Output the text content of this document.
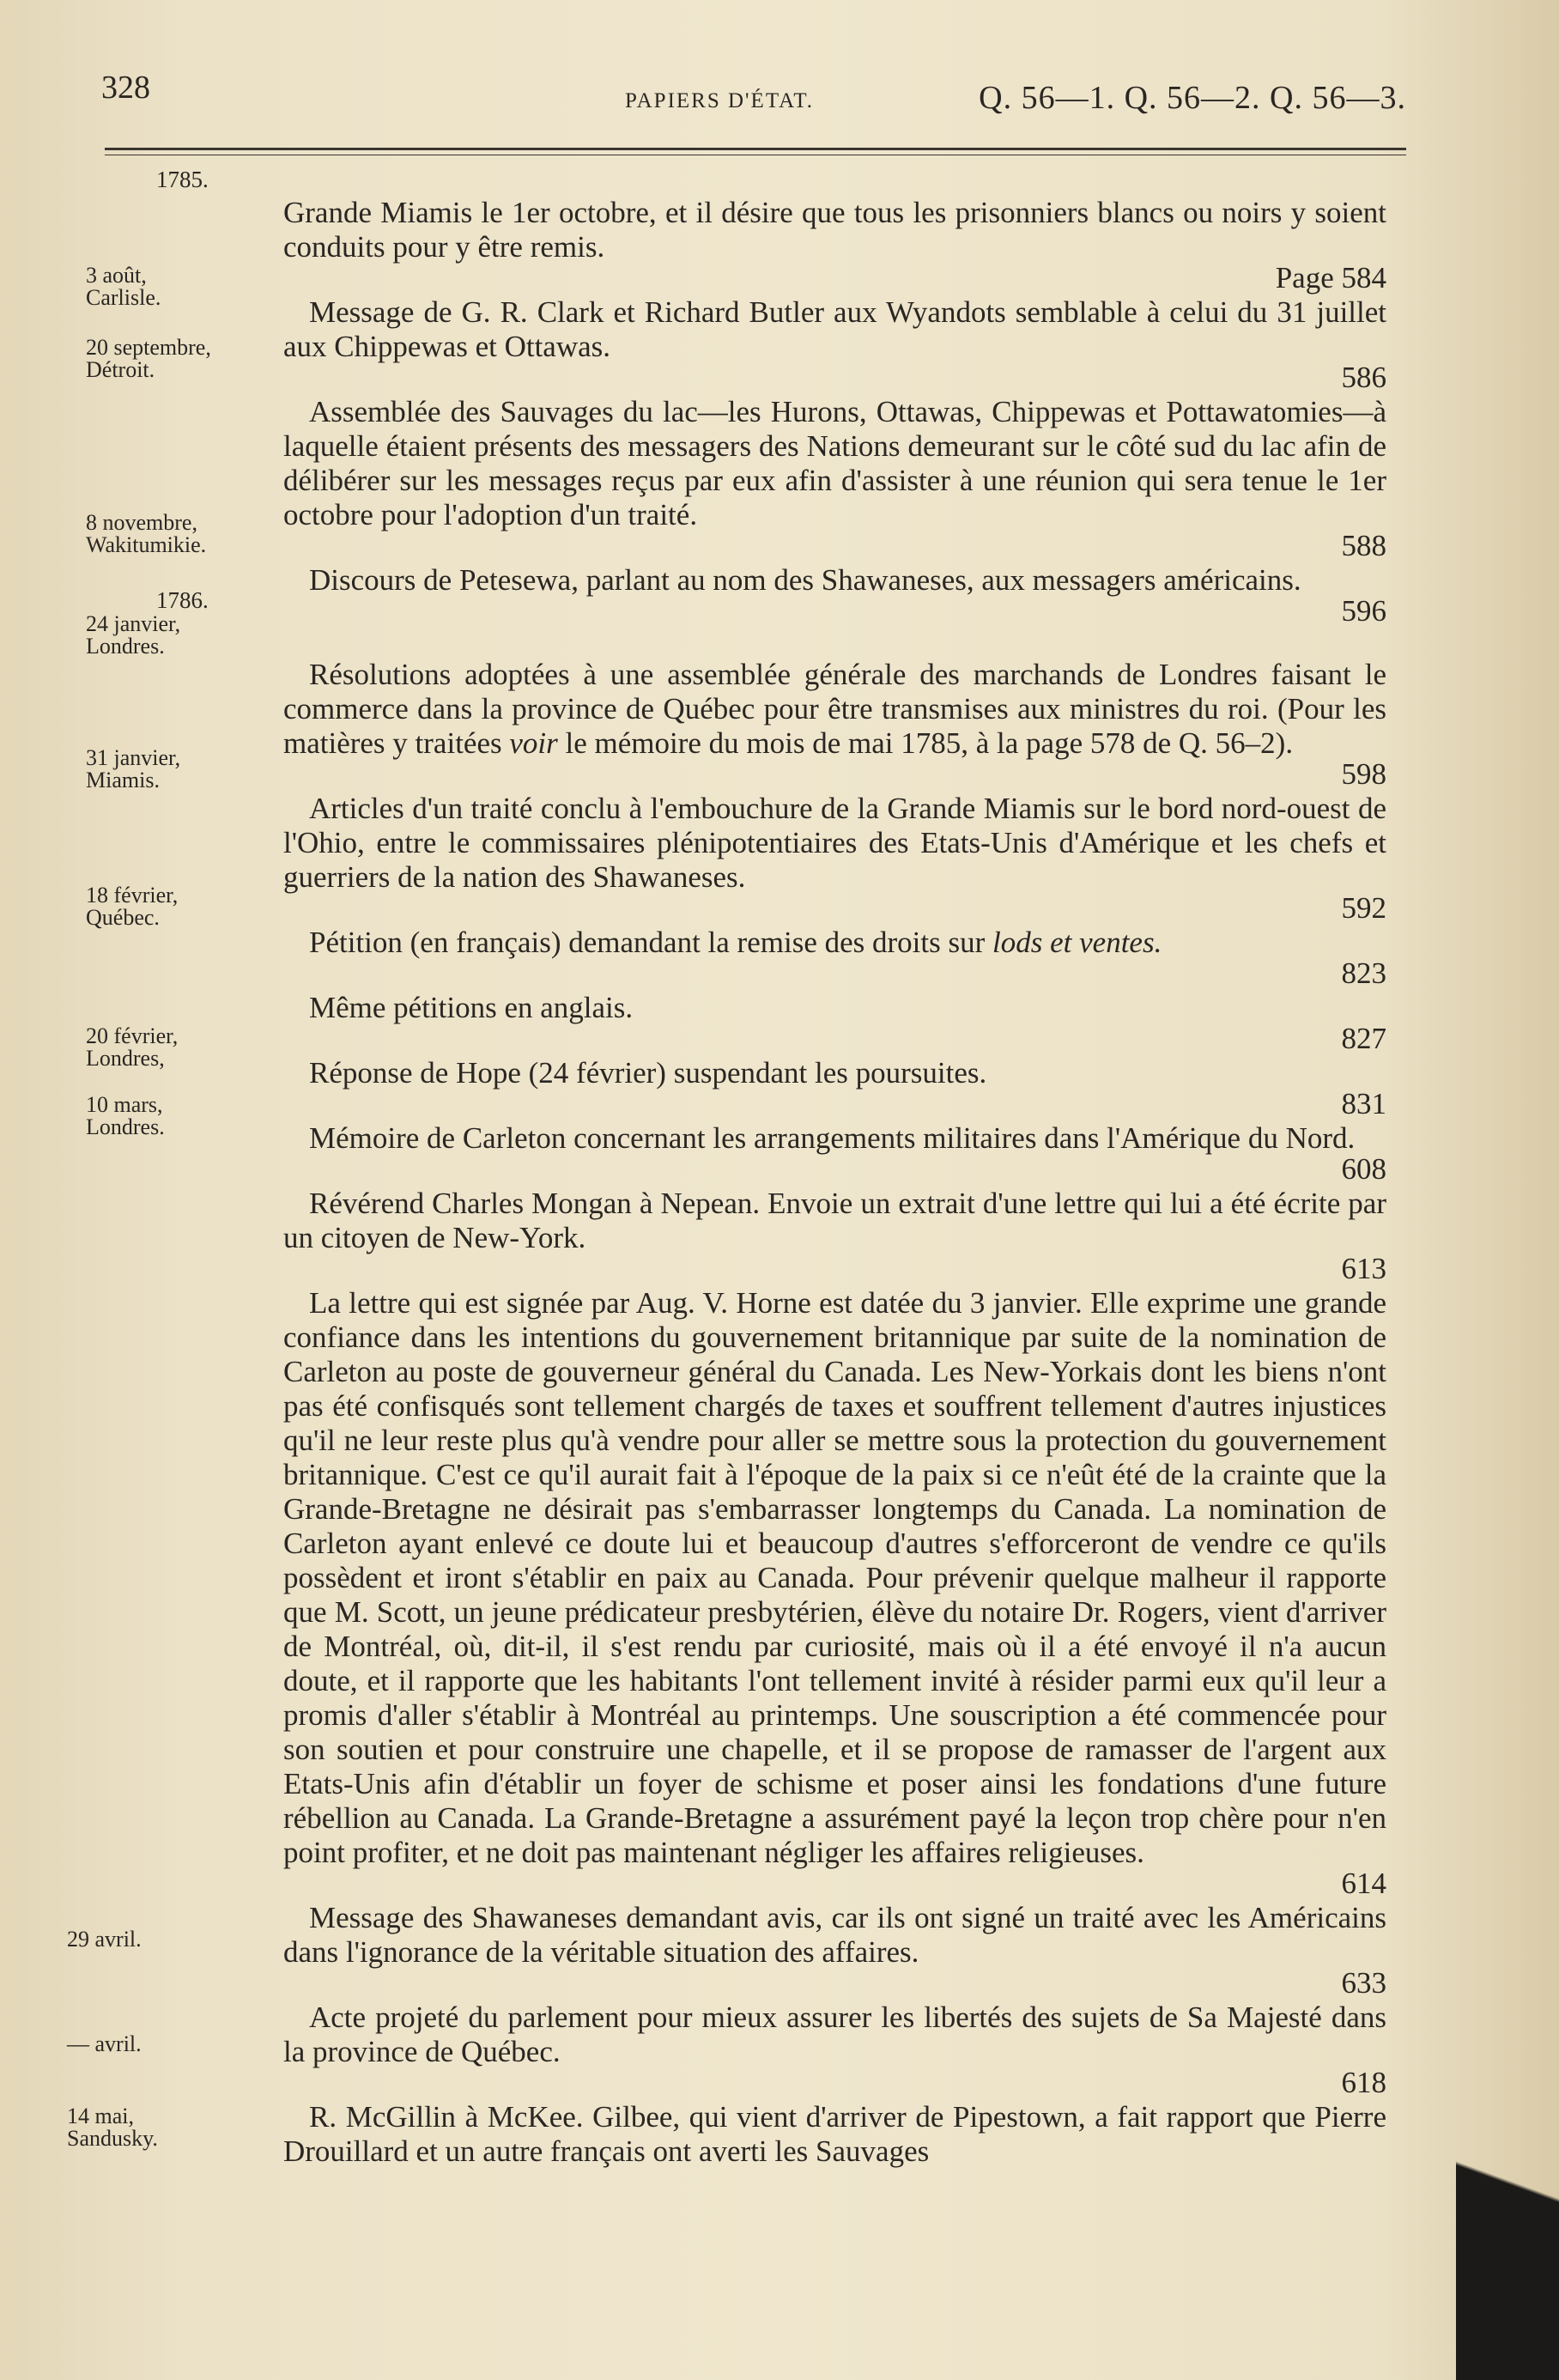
328	PAPIERS D'ÉTAT.	Q. 56—1. Q. 56—2. Q. 56—3.
1785.
3 août,
Carlisle.
20 septembre,
Détroit.
8 novembre,
Wakitumikie.
1786.
24 janvier,
Londres.
31 janvier,
Miamis.
18 février,
Québec.
20 février,
Londres,
10 mars,
Londres.
29 avril.
— avril.
14 mai,
Sandusky.

Grande Miamis le 1er octobre, et il désire que tous les prisonniers blancs ou noirs y soient conduits pour y être remis.
Page 584

Message de G. R. Clark et Richard Butler aux Wyandots semblable à celui du 31 juillet aux Chippewas et Ottawas.
586

Assemblée des Sauvages du lac—les Hurons, Ottawas, Chippewas et Pottawatomies—à laquelle étaient présents des messagers des Nations demeurant sur le côté sud du lac afin de délibérer sur les messages reçus par eux afin d'assister à une réunion qui sera tenue le 1er octobre pour l'adoption d'un traité.
588

Discours de Petesewa, parlant au nom des Shawaneses, aux messagers américains.
596

Résolutions adoptées à une assemblée générale des marchands de Londres faisant le commerce dans la province de Québec pour être transmises aux ministres du roi. (Pour les matières y traitées voir le mémoire du mois de mai 1785, à la page 578 de Q. 56–2).
598

Articles d'un traité conclu à l'embouchure de la Grande Miamis sur le bord nord-ouest de l'Ohio, entre le commissaires plénipotentiaires des Etats-Unis d'Amérique et les chefs et guerriers de la nation des Shawaneses.
592

Pétition (en français) demandant la remise des droits sur lods et ventes.
823

Même pétitions en anglais.
827

Réponse de Hope (24 février) suspendant les poursuites.
831

Mémoire de Carleton concernant les arrangements militaires dans l'Amérique du Nord.
608

Révérend Charles Mongan à Nepean. Envoie un extrait d'une lettre qui lui a été écrite par un citoyen de New-York.
613

La lettre qui est signée par Aug. V. Horne est datée du 3 janvier. Elle exprime une grande confiance dans les intentions du gouvernement britannique par suite de la nomination de Carleton au poste de gouverneur général du Canada. Les New-Yorkais dont les biens n'ont pas été confisqués sont tellement chargés de taxes et souffrent tellement d'autres injustices qu'il ne leur reste plus qu'à vendre pour aller se mettre sous la protection du gouvernement britannique. C'est ce qu'il aurait fait à l'époque de la paix si ce n'eût été de la crainte que la Grande-Bretagne ne désirait pas s'embarrasser longtemps du Canada. La nomination de Carleton ayant enlevé ce doute lui et beaucoup d'autres s'efforceront de vendre ce qu'ils possèdent et iront s'établir en paix au Canada. Pour prévenir quelque malheur il rapporte que M. Scott, un jeune prédicateur presbytérien, élève du notaire Dr. Rogers, vient d'arriver de Montréal, où, dit-il, il s'est rendu par curiosité, mais où il a été envoyé il n'a aucun doute, et il rapporte que les habitants l'ont tellement invité à résider parmi eux qu'il leur a promis d'aller s'établir à Montréal au printemps. Une souscription a été commencée pour son soutien et pour construire une chapelle, et il se propose de ramasser de l'argent aux Etats-Unis afin d'établir un foyer de schisme et poser ainsi les fondations d'une future rébellion au Canada. La Grande-Bretagne a assurément payé la leçon trop chère pour n'en point profiter, et ne doit pas maintenant négliger les affaires religieuses.
614

Message des Shawaneses demandant avis, car ils ont signé un traité avec les Américains dans l'ignorance de la véritable situation des affaires.
633

Acte projeté du parlement pour mieux assurer les libertés des sujets de Sa Majesté dans la province de Québec.
618

R. McGillin à McKee. Gilbee, qui vient d'arriver de Pipestown, a fait rapport que Pierre Drouillard et un autre français ont averti les Sauvages
